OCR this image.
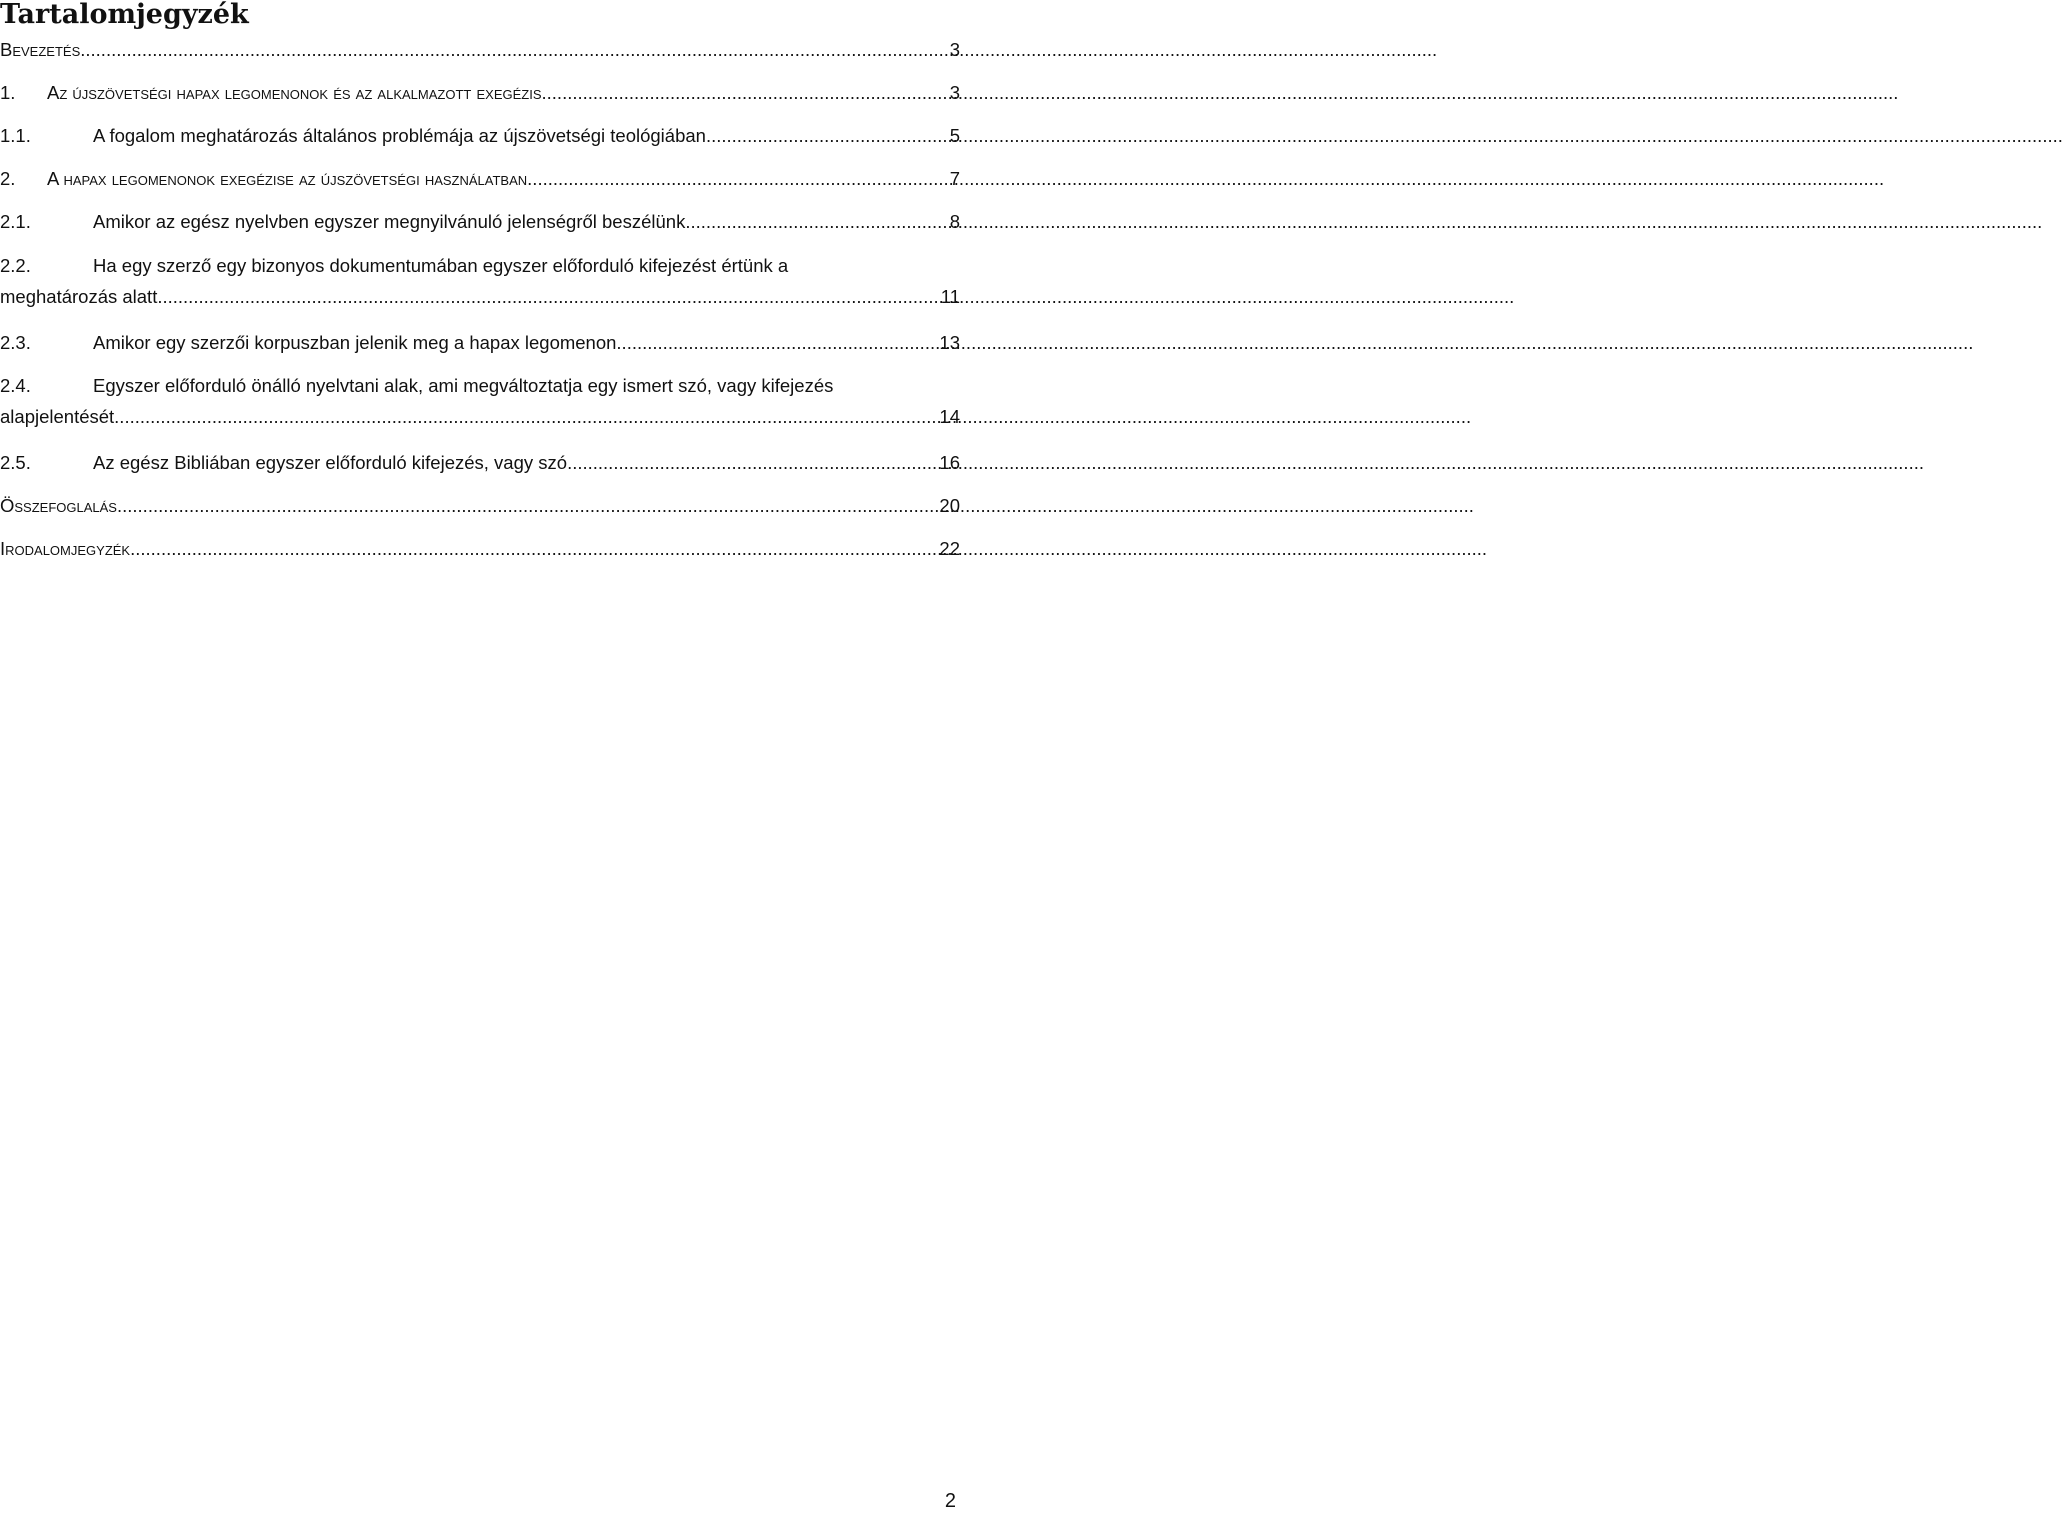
Tartalomjegyzék
Bevezetés .....	3
1.	Az újszövetségi hapax legomenonok és az alkalmazott exegézis .....	3
1.1.	A fogalom meghatározás általános problémája az újszövetségi teológiában .....	5
2.	A hapax legomenonok exegézise az újszövetségi használatban .....	7
2.1.	Amikor az egész nyelvben egyszer megnyilvánuló jelenségről beszélünk .....	8
2.2.	Ha egy szerző egy bizonyos dokumentumában egyszer előforduló kifejezést értünk a
meghatározás alatt .....	11
2.3.	Amikor egy szerzői korpuszban jelenik meg a hapax legomenon .....	13
2.4.	Egyszer előforduló önálló nyelvtani alak, ami megváltoztatja egy ismert szó, vagy kifejezés
alapjelentését .....	14
2.5.	Az egész Bibliában egyszer előforduló kifejezés, vagy szó .....	16
Összefoglalás .....	20
Irodalomjegyzék .....	22
2
